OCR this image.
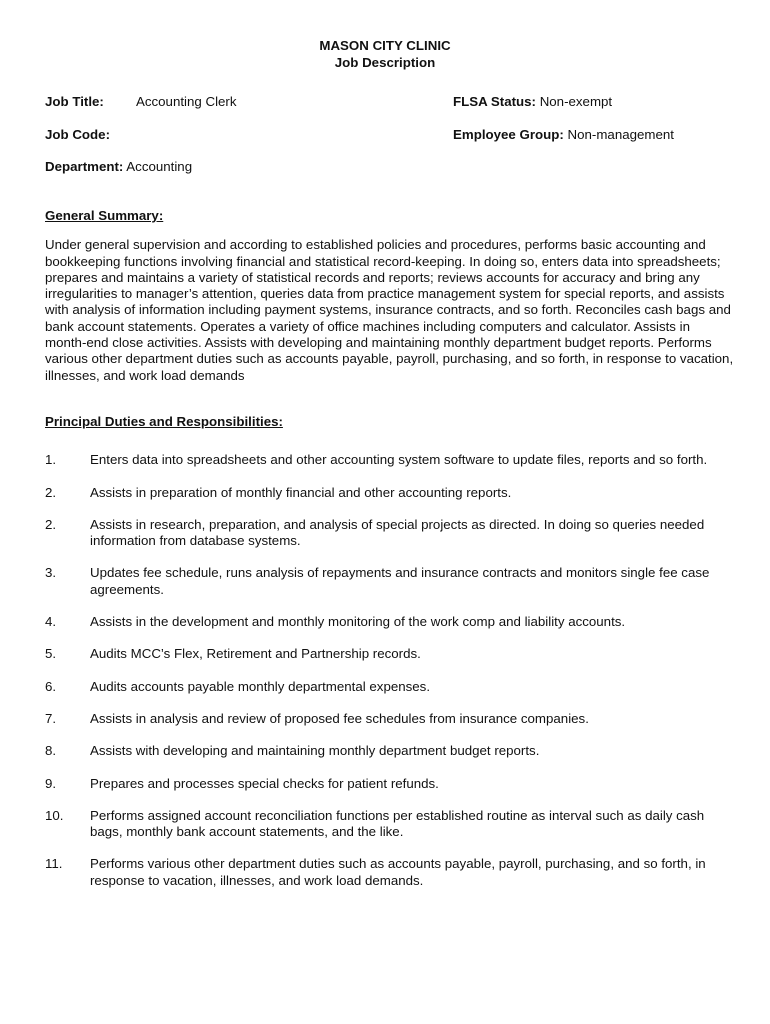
MASON CITY CLINIC
Job Description
Job Title: Accounting Clerk	FLSA Status: Non-exempt
Job Code:	Employee Group: Non-management
Department: Accounting

General Summary:

Under general supervision and according to established policies and procedures, performs basic accounting and bookkeeping functions involving financial and statistical record-keeping. In doing so, enters data into spreadsheets; prepares and maintains a variety of statistical records and reports; reviews accounts for accuracy and bring any irregularities to manager’s attention, queries data from practice management system for special reports, and assists with analysis of information including payment systems, insurance contracts, and so forth. Reconciles cash bags and bank account statements. Operates a variety of office machines including computers and calculator. Assists in month-end close activities. Assists with developing and maintaining monthly department budget reports. Performs various other department duties such as accounts payable, payroll, purchasing, and so forth, in response to vacation, illnesses, and work load demands

Principal Duties and Responsibilities:

1.	Enters data into spreadsheets and other accounting system software to update files, reports and so forth.
2.	Assists in preparation of monthly financial and other accounting reports.
2.	Assists in research, preparation, and analysis of special projects as directed. In doing so queries needed information from database systems.
3.	Updates fee schedule, runs analysis of repayments and insurance contracts and monitors single fee case agreements.
4.	Assists in the development and monthly monitoring of the work comp and liability accounts.
5.	Audits MCC’s Flex, Retirement and Partnership records.
6.	Audits accounts payable monthly departmental expenses.
7.	Assists in analysis and review of proposed fee schedules from insurance companies.
8.	Assists with developing and maintaining monthly department budget reports.
9.	Prepares and processes special checks for patient refunds.
10.	Performs assigned account reconciliation functions per established routine as interval such as daily cash bags, monthly bank account statements, and the like.
11.	Performs various other department duties such as accounts payable, payroll, purchasing, and so forth, in response to vacation, illnesses, and work load demands.
